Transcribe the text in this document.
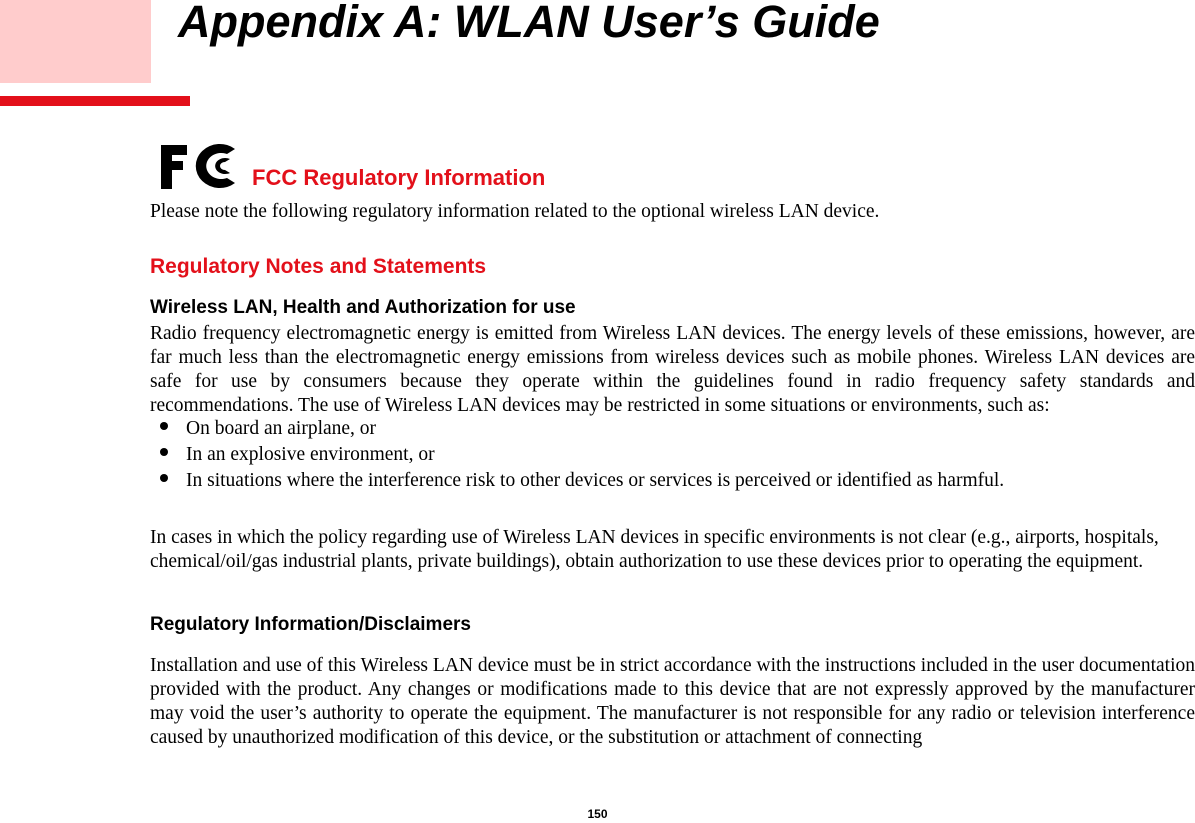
Appendix A: WLAN User’s Guide
FCC Regulatory Information

Please note the following regulatory information related to the optional wireless LAN device.

Regulatory Notes and Statements
Wireless LAN, Health and Authorization for use

Radio frequency electromagnetic energy is emitted from Wireless LAN devices. The energy levels of these emissions, however, are far much less than the electromagnetic energy emissions from wireless devices such as mobile phones. Wireless LAN devices are safe for use by consumers because they operate within the guidelines found in radio frequency safety standards and recommendations. The use of Wireless LAN devices may be restricted in some situations or environments, such as:

On board an airplane, or
In an explosive environment, or
In situations where the interference risk to other devices or services is perceived or identified as harmful.

In cases in which the policy regarding use of Wireless LAN devices in specific environments is not clear (e.g., airports, hospitals, chemical/oil/gas industrial plants, private buildings), obtain authorization to use these devices prior to operating the equipment.

Regulatory Information/Disclaimers

Installation and use of this Wireless LAN device must be in strict accordance with the instructions included in the user documentation provided with the product. Any changes or modifications made to this device that are not expressly approved by the manufacturer may void the user’s authority to operate the equipment. The manufacturer is not responsible for any radio or television interference caused by unauthorized modification of this device, or the substitution or attachment of connecting

150
